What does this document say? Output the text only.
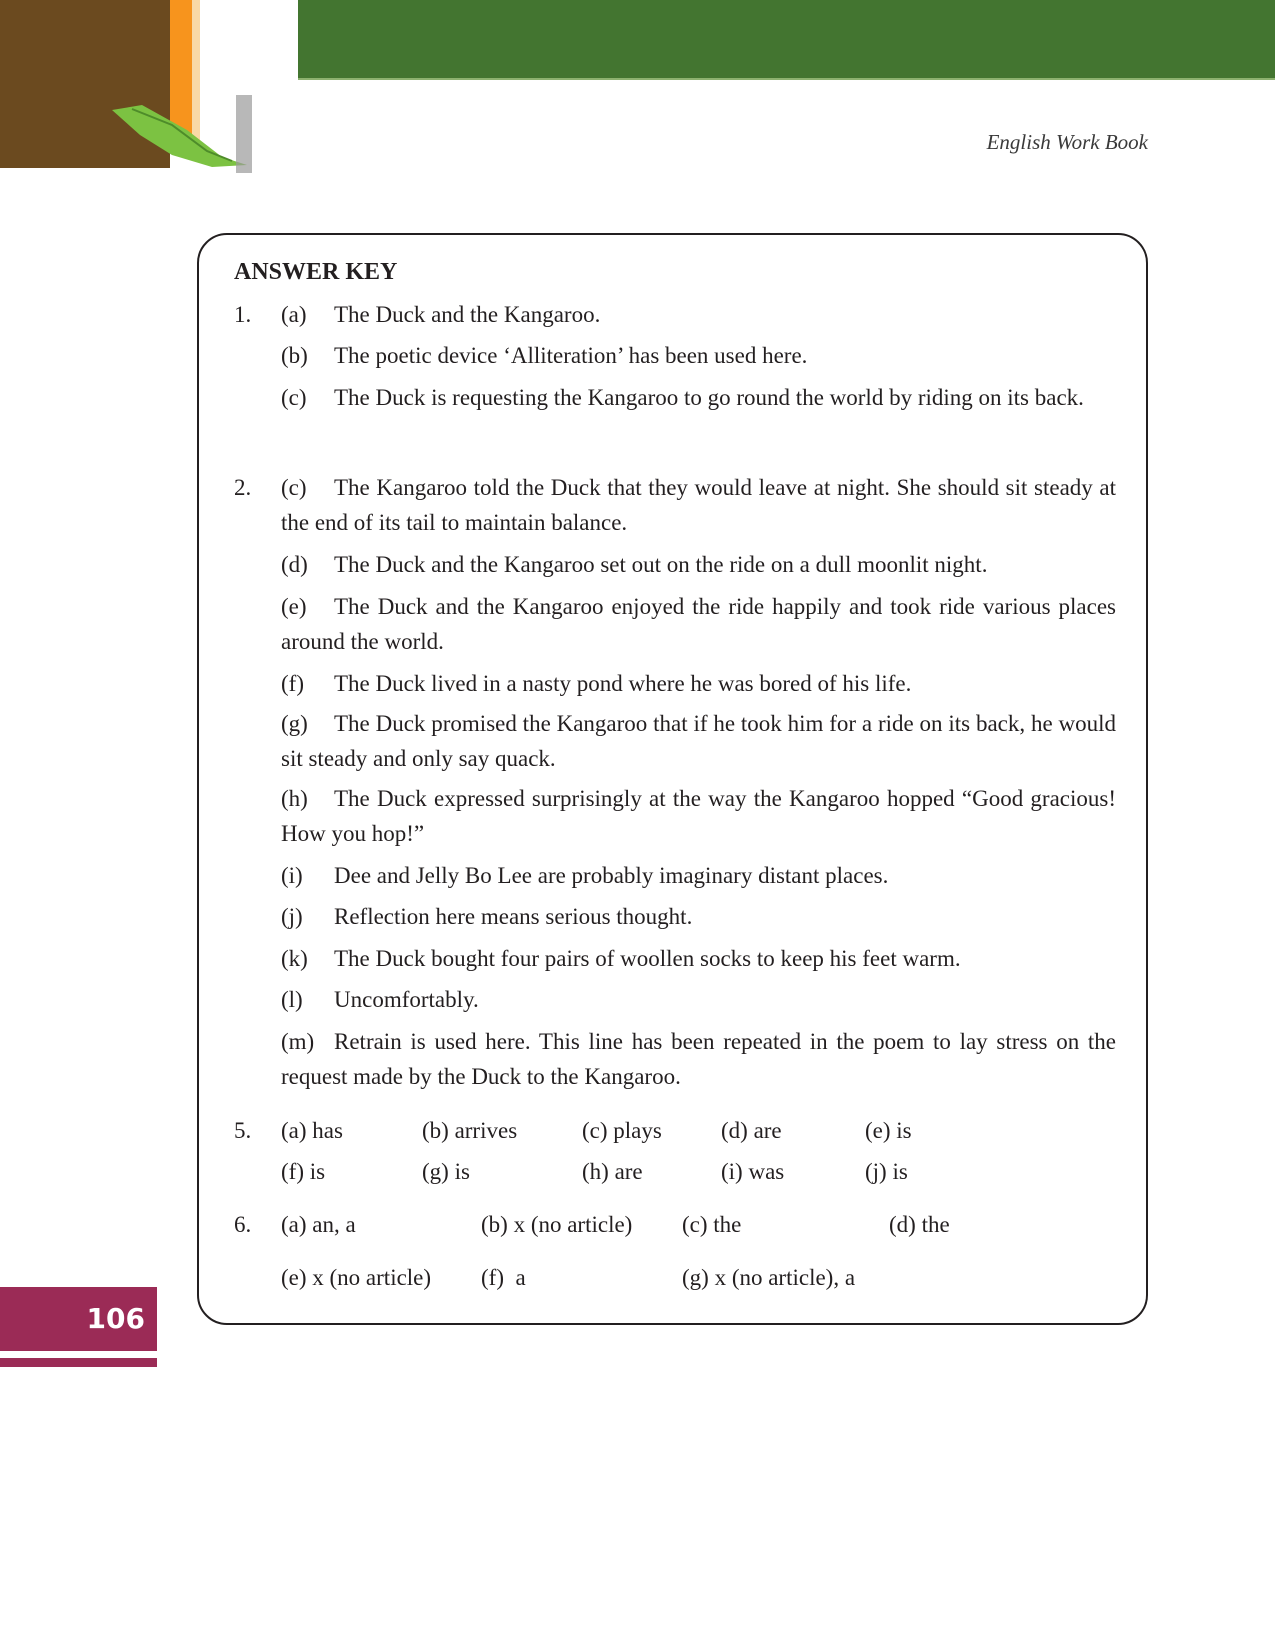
English Work Book
ANSWER KEY
1. (a) The Duck and the Kangaroo.
(b) The poetic device ‘Alliteration’ has been used here.
(c) The Duck is requesting the Kangaroo to go round the world by riding on its back.
2. (c) The Kangaroo told the Duck that they would leave at night. She should sit steady at the end of its tail to maintain balance.
(d) The Duck and the Kangaroo set out on the ride on a dull moonlit night.
(e) The Duck and the Kangaroo enjoyed the ride happily and took ride various places around the world.
(f) The Duck lived in a nasty pond where he was bored of his life.
(g) The Duck promised the Kangaroo that if he took him for a ride on its back, he would sit steady and only say quack.
(h) The Duck expressed surprisingly at the way the Kangaroo hopped “Good gracious! How you hop!”
(i) Dee and Jelly Bo Lee are probably imaginary distant places.
(j) Reflection here means serious thought.
(k) The Duck bought four pairs of woollen socks to keep his feet warm.
(l) Uncomfortably.
(m) Retrain is used here. This line has been repeated in the poem to lay stress on the request made by the Duck to the Kangaroo.
5. (a) has	(b) arrives	(c) plays	(d) are	(e) is
(f) is	(g) is	(h) are	(i) was	(j) is
6. (a) an, a	(b) x (no article) (c) the	(d) the
(e) x (no article) (f)  a	(g) x (no article), a
106
